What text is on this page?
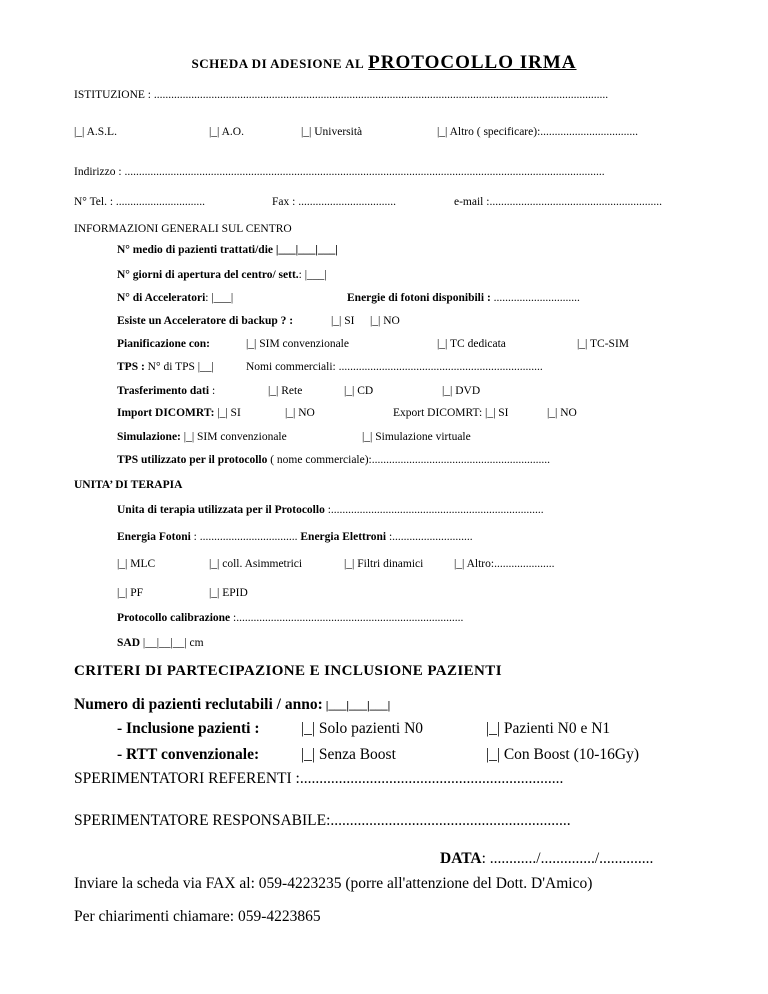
SCHEDA DI ADESIONE AL PROTOCOLLO IRMA
ISTITUZIONE : ..............................................................................................................................................................
|_| A.S.L.	|_| A.O.	|_| Università	|_| Altro ( specificare):..................................
Indirizzo : .......................................................................................................................................................................
N° Tel. : ...............................	Fax : ..................................	e-mail :............................................................
INFORMAZIONI GENERALI SUL CENTRO
N° medio di pazienti trattati/die |___|___|___|
N° giorni di apertura del centro/ sett.: |___|
N° di Acceleratori: |___|	Energie di fotoni disponibili : ..............................
Esiste un Acceleratore di backup ? :	|_| SI |_| NO
Pianificazione con:	|_| SIM convenzionale	|_| TC dedicata	|_| TC-SIM
TPS : N° di TPS |__|	Nomi commerciali: .......................................................................
Trasferimento dati :	|_| Rete	|_| CD	|_| DVD
Import DICOMRT: |_| SI	|_| NO	Export DICOMRT: |_| SI	|_| NO
Simulazione: |_| SIM convenzionale	|_| Simulazione virtuale
TPS utilizzato per il protocollo ( nome commerciale):..............................................................
UNITA’ DI TERAPIA
Unita di terapia utilizzata per il Protocollo :..........................................................................
Energia Fotoni : .................................. Energia Elettroni :............................
|_| MLC	|_| coll. Asimmetrici	|_| Filtri dinamici	|_| Altro:.....................
|_| PF	|_| EPID
Protocollo calibrazione :...............................................................................
SAD |__|__|__| cm
CRITERI DI PARTECIPAZIONE E INCLUSIONE PAZIENTI
Numero di pazienti reclutabili / anno: |___|___|___|
- Inclusione pazienti :	|_| Solo pazienti N0	|_| Pazienti N0 e N1
- RTT convenzionale:	|_| Senza Boost	|_| Con Boost (10-16Gy)
SPERIMENTATORI REFERENTI :....................................................................
SPERIMENTATORE RESPONSABILE:..............................................................
DATA: ............/............../..............
Inviare la scheda via FAX al: 059-4223235 (porre all'attenzione del Dott. D'Amico)
Per chiarimenti chiamare: 059-4223865
